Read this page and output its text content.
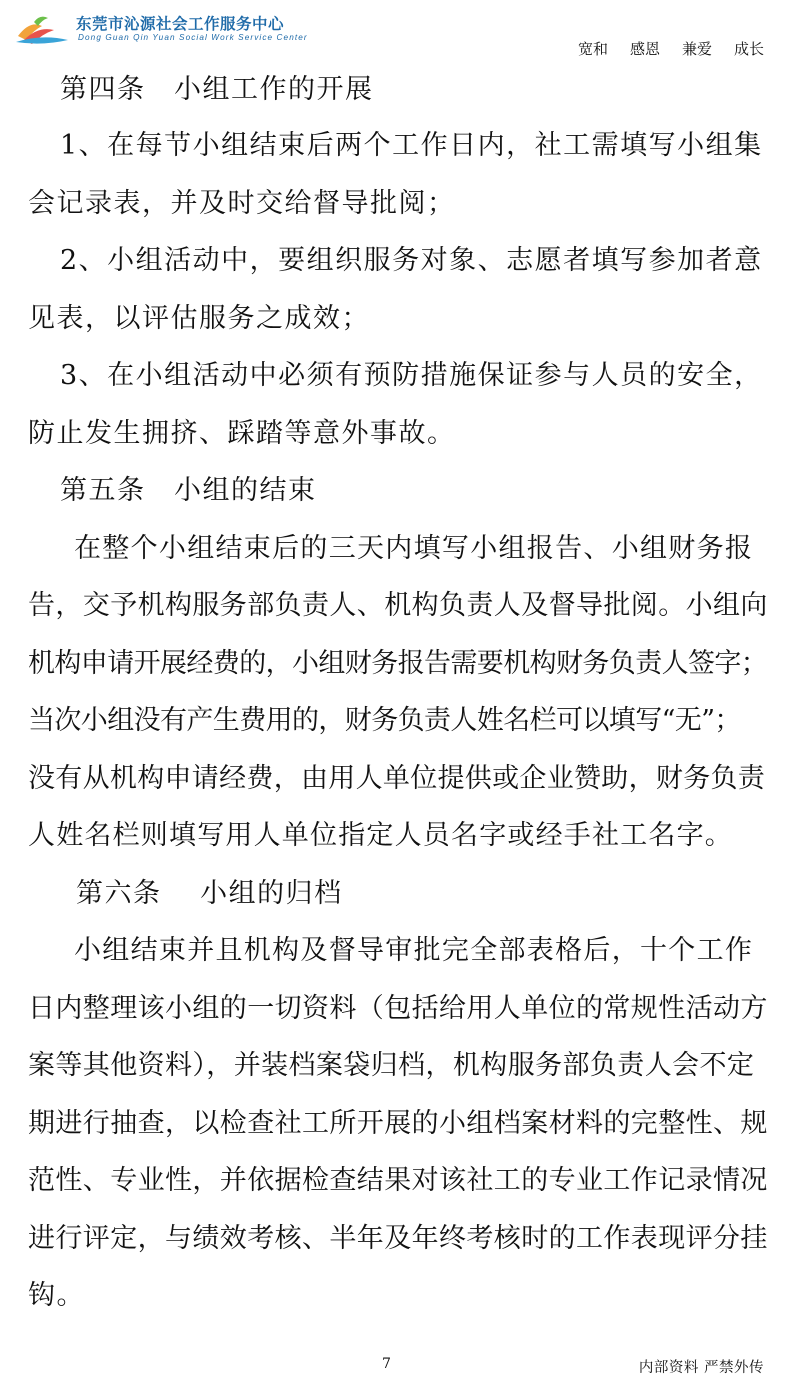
东莞市沁源社会工作服务中心
Dong Guan Qin Yuan Social Work Service Center
宽和 感恩 兼爱 成长
第四条　小组工作的开展
1、在每节小组结束后两个工作日内，社工需填写小组集
会记录表，并及时交给督导批阅；
2、小组活动中，要组织服务对象、志愿者填写参加者意
见表，以评估服务之成效；
3、在小组活动中必须有预防措施保证参与人员的安全，
防止发生拥挤、踩踏等意外事故。
第五条　小组的结束
在整个小组结束后的三天内填写小组报告、小组财务报
告，交予机构服务部负责人、机构负责人及督导批阅。小组向
机构申请开展经费的，小组财务报告需要机构财务负责人签字；
当次小组没有产生费用的，财务负责人姓名栏可以填写“无”；
没有从机构申请经费，由用人单位提供或企业赞助，财务负责
人姓名栏则填写用人单位指定人员名字或经手社工名字。
第六条　 小组的归档
小组结束并且机构及督导审批完全部表格后，十个工作
日内整理该小组的一切资料（包括给用人单位的常规性活动方
案等其他资料），并装档案袋归档，机构服务部负责人会不定
期进行抽查，以检查社工所开展的小组档案材料的完整性、规
范性、专业性，并依据检查结果对该社工的专业工作记录情况
进行评定，与绩效考核、半年及年终考核时的工作表现评分挂
钩。
7	内部资料 严禁外传
